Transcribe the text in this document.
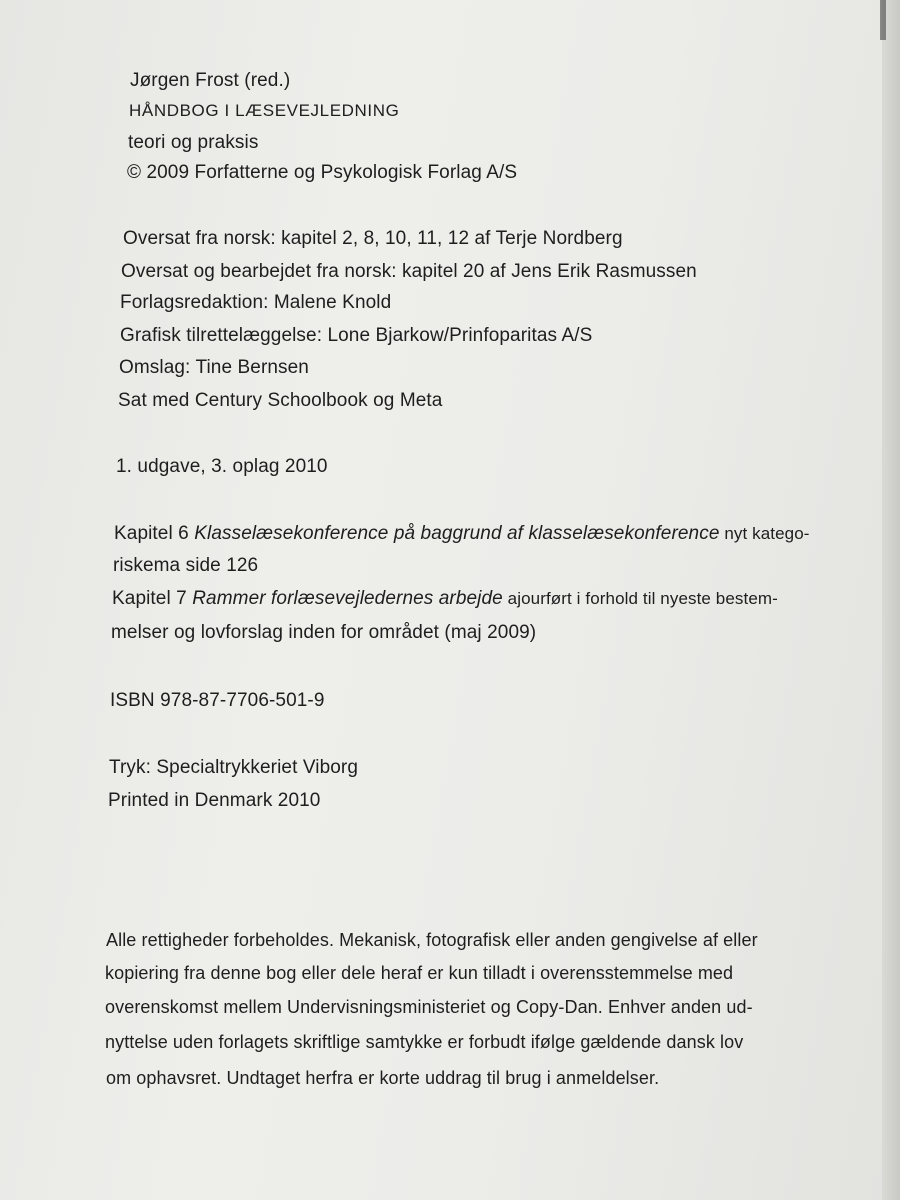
Jørgen Frost (red.)
HÅNDBOG I LÆSEVEJLEDNING
teori og praksis
© 2009 Forfatterne og Psykologisk Forlag A/S
Oversat fra norsk: kapitel 2, 8, 10, 11, 12 af Terje Nordberg
Oversat og bearbejdet fra norsk: kapitel 20 af Jens Erik Rasmussen
Forlagsredaktion: Malene Knold
Grafisk tilrettelæggelse: Lone Bjarkow/Prinfoparitas A/S
Omslag: Tine Bernsen
Sat med Century Schoolbook og Meta
1. udgave, 3. oplag 2010
Kapitel 6 Klasselæsekonference på baggrund af klasselæsekonference nyt katego-
riskema side 126
Kapitel 7 Rammer forlæsevejledernes arbejde ajourført i forhold til nyeste bestem-
melser og lovforslag inden for området (maj 2009)
ISBN 978-87-7706-501-9
Tryk: Specialtrykkeriet Viborg
Printed in Denmark 2010
Alle rettigheder forbeholdes. Mekanisk, fotografisk eller anden gengivelse af eller
kopiering fra denne bog eller dele heraf er kun tilladt i overensstemmelse med
overenskomst mellem Undervisningsministeriet og Copy-Dan. Enhver anden ud-
nyttelse uden forlagets skriftlige samtykke er forbudt ifølge gældende dansk lov
om ophavsret. Undtaget herfra er korte uddrag til brug i anmeldelser.
